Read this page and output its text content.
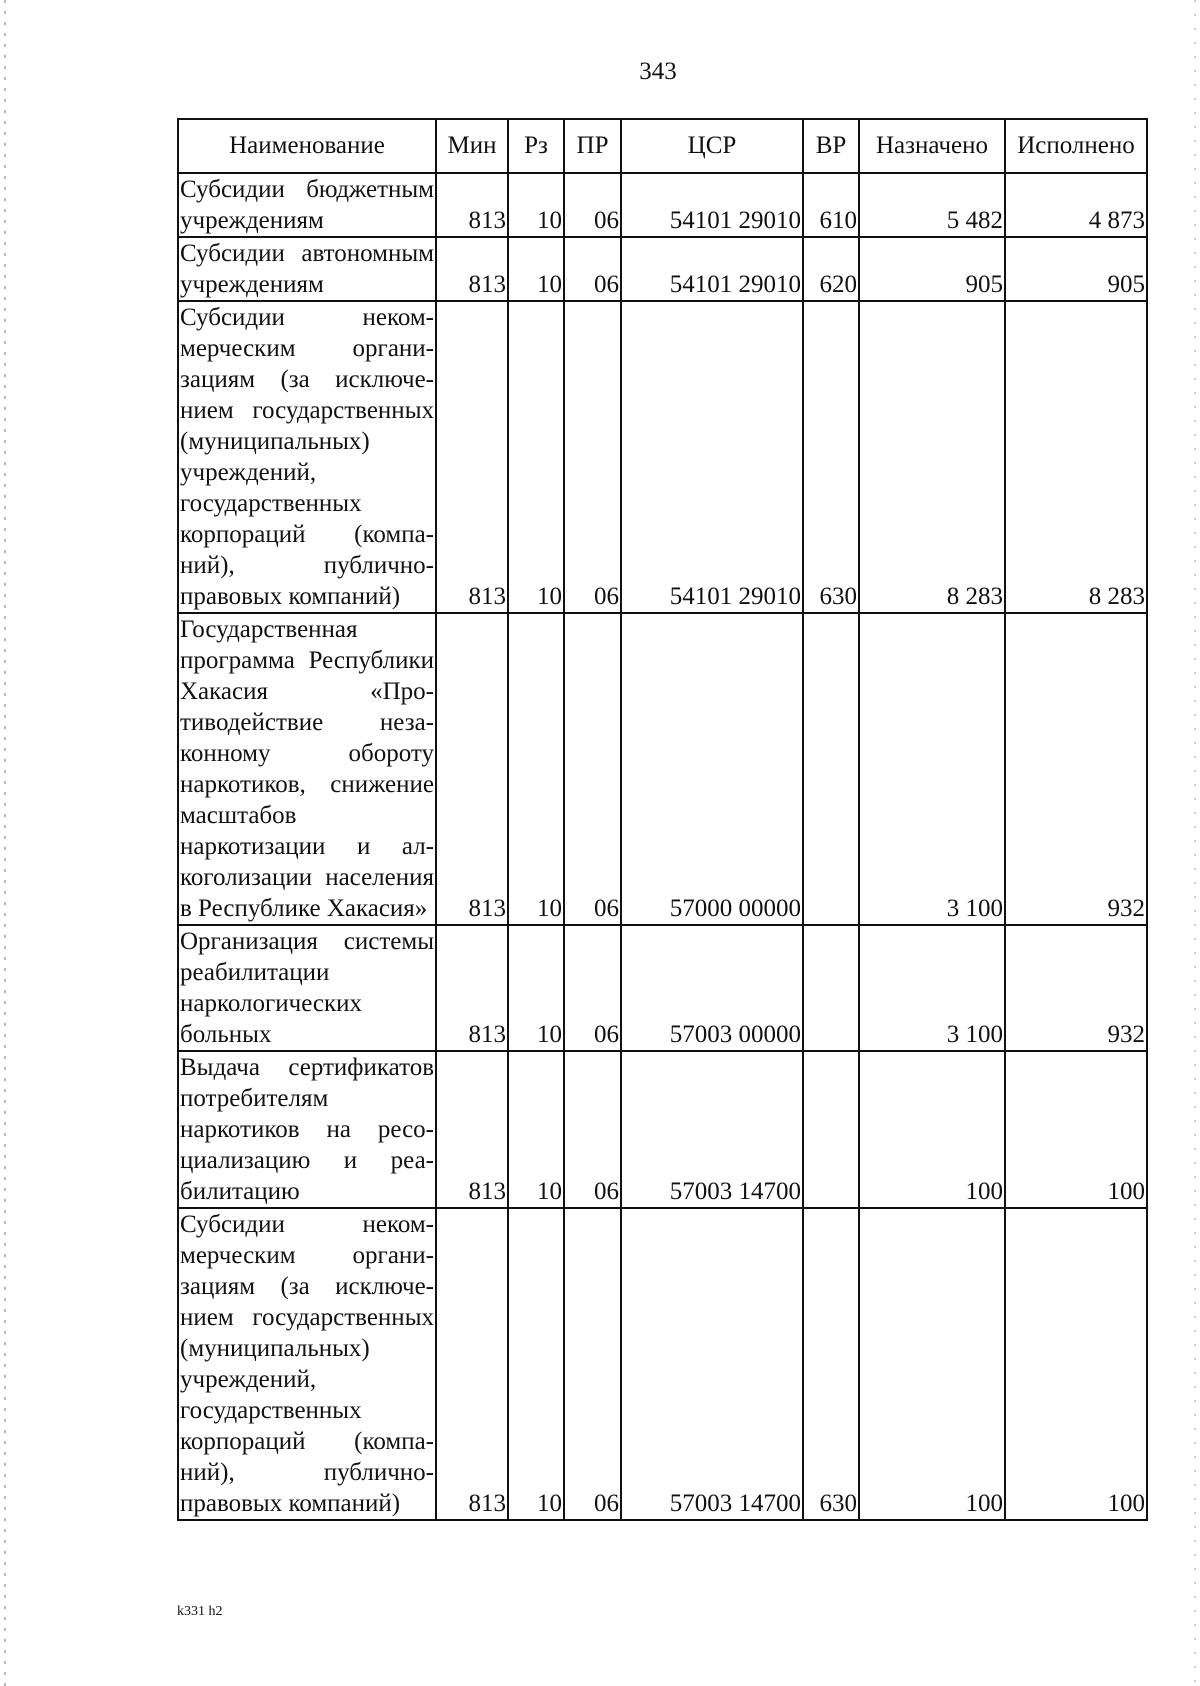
343
Наименование	Мин	Рз	ПР	ЦСР	ВР	Назначено	Исполнено
Субсидии бюджетным учреждениям	813	10	06	54101 29010	610	5 482	4 873
Субсидии автономным учреждениям	813	10	06	54101 29010	620	905	905
Субсидии некоммерческим организациям (за исключением государственных (муниципальных) учреждений, государственных корпораций (компаний), публично-правовых компаний)	813	10	06	54101 29010	630	8 283	8 283
Государственная программа Республики Хакасия «Противодействие незаконному обороту наркотиков, снижение масштабов наркотизации и алкоголизации населения в Республике Хакасия»	813	10	06	57000 00000		3 100	932
Организация системы реабилитации наркологических больных	813	10	06	57003 00000		3 100	932
Выдача сертификатов потребителям наркотиков на ресоциализацию и реабилитацию	813	10	06	57003 14700		100	100
Субсидии некоммерческим организациям (за исключением государственных (муниципальных) учреждений, государственных корпораций (компаний), публично-правовых компаний)	813	10	06	57003 14700	630	100	100
k331 h2
